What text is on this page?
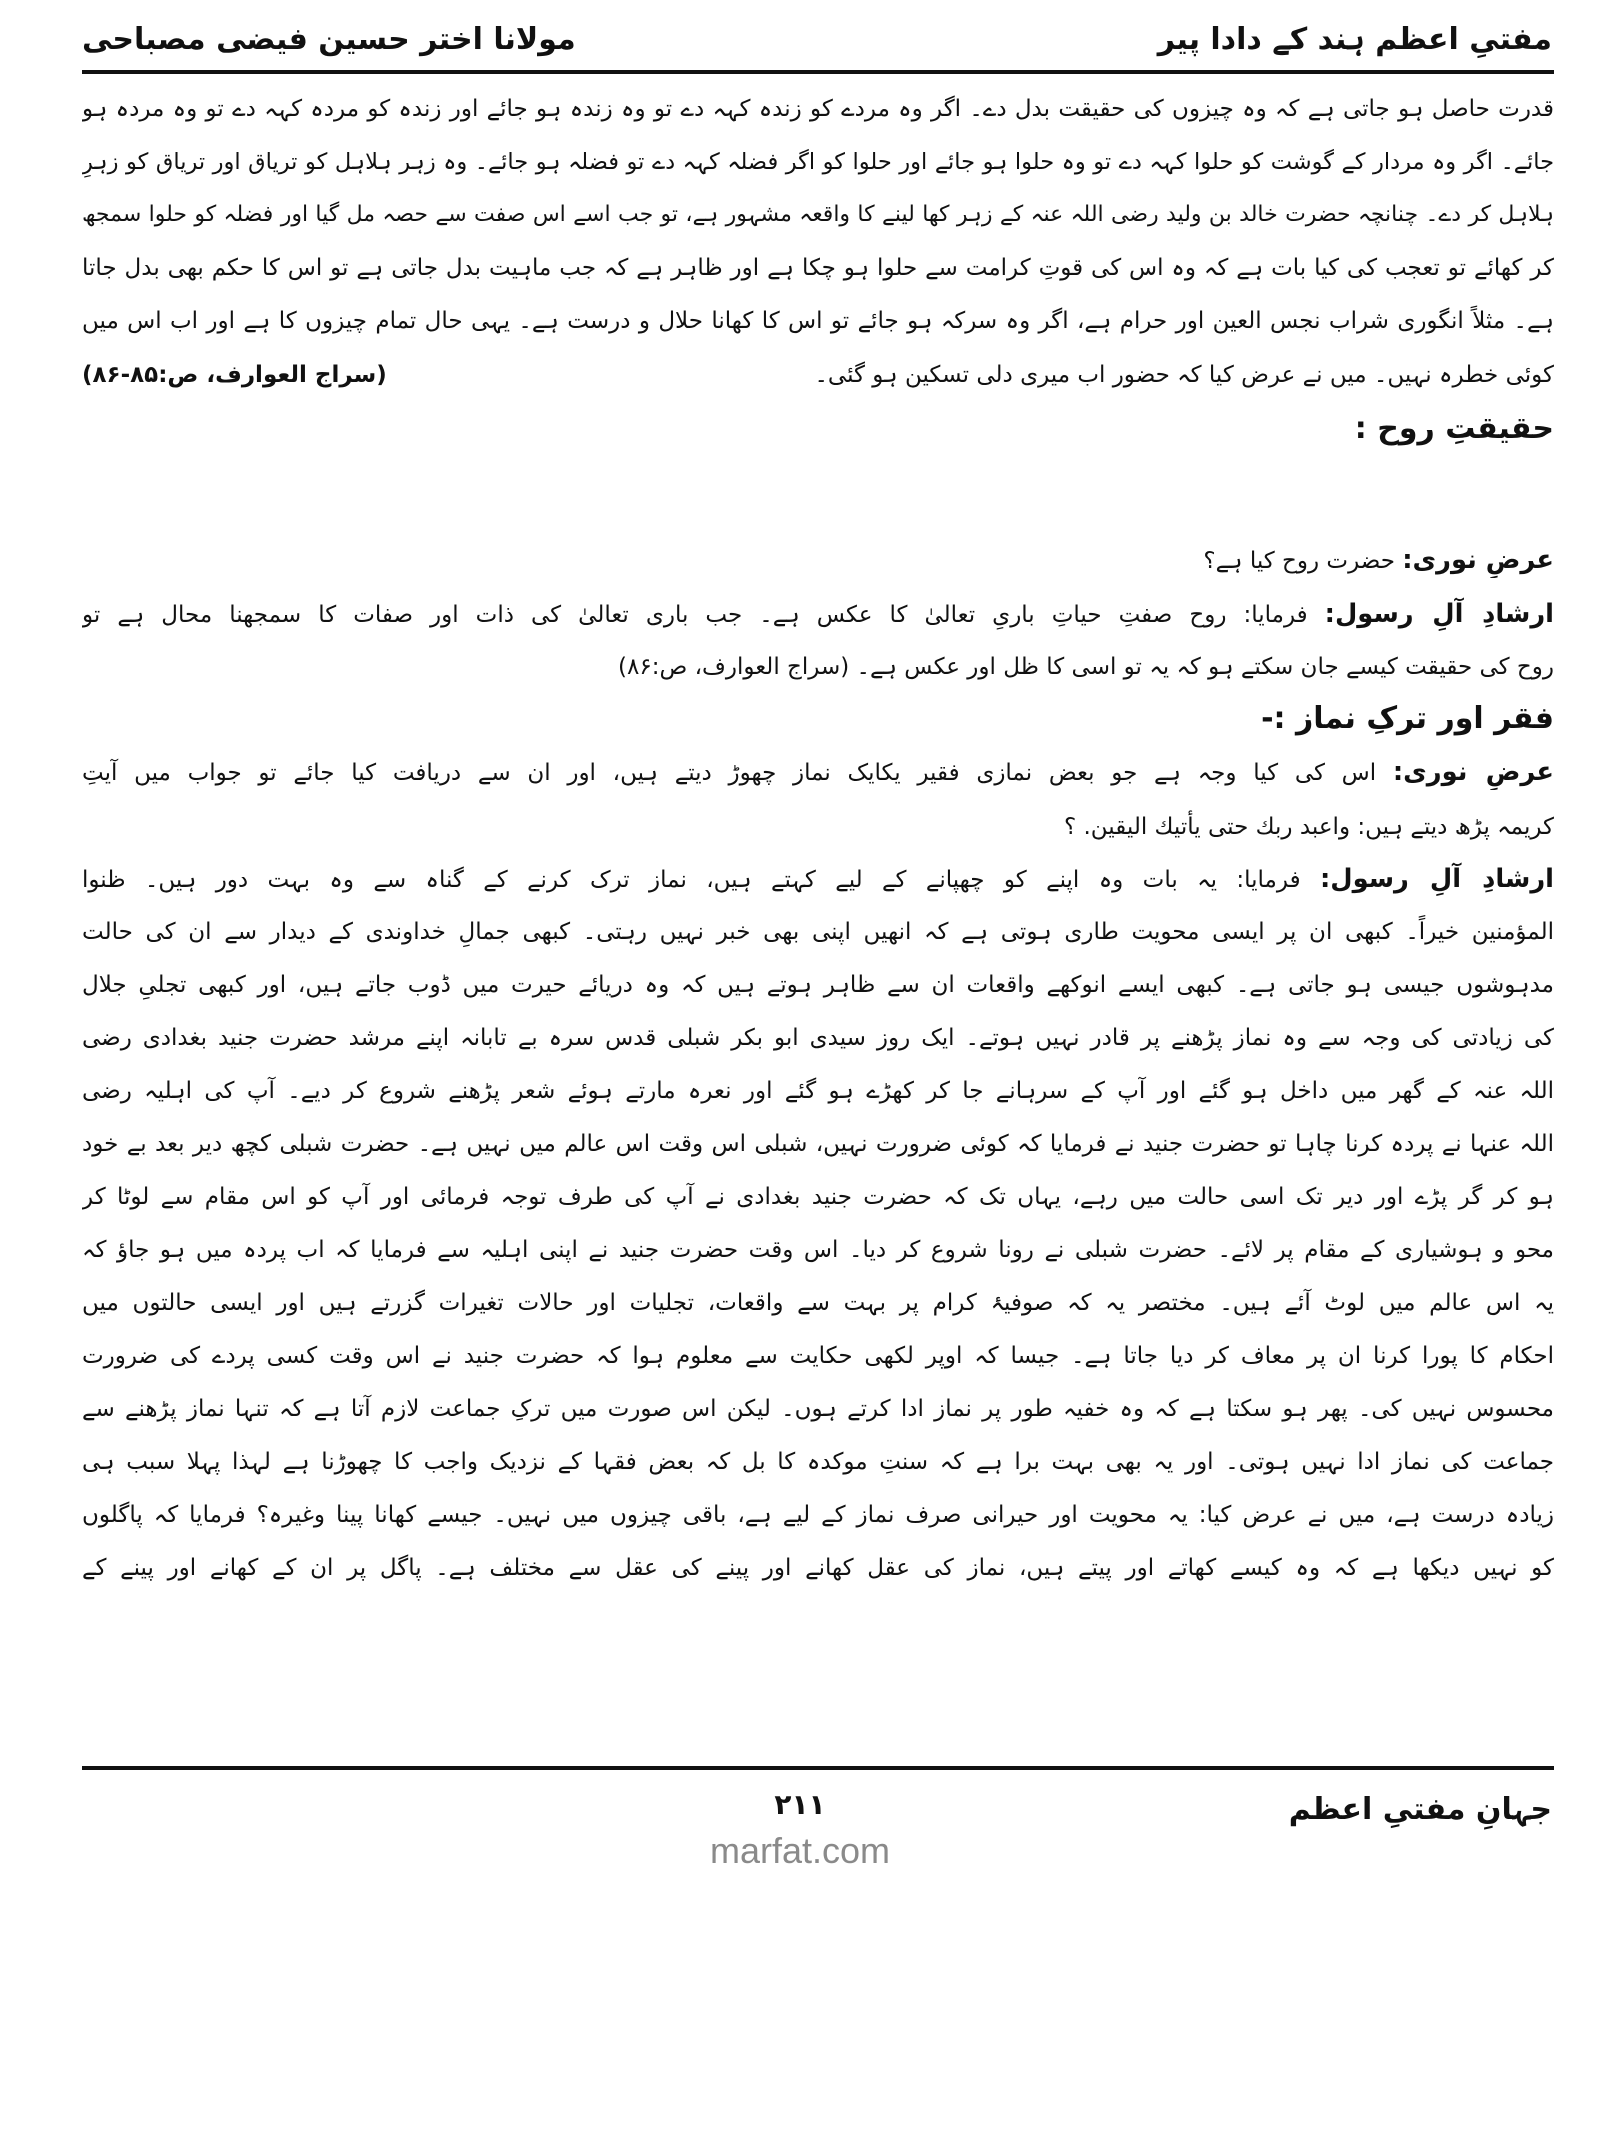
مفتیِ اعظم ہند کے دادا پیر
مولانا اختر حسین فیضی مصباحی
قدرت حاصل ہو جاتی ہے کہ وہ چیزوں کی حقیقت بدل دے۔ اگر وہ مردے کو زندہ کہہ دے تو وہ زندہ ہو جائے اور زندہ کو مردہ کہہ دے تو وہ مردہ ہو
جائے۔ اگر وہ مردار کے گوشت کو حلوا کہہ دے تو وہ حلوا ہو جائے اور حلوا کو اگر فضلہ کہہ دے تو فضلہ ہو جائے۔ وہ زہر ہلاہل کو تریاق اور تریاق کو زہرِ
ہلاہل کر دے۔ چنانچہ حضرت خالد بن ولید رضی اللہ عنہ کے زہر کھا لینے کا واقعہ مشہور ہے، تو جب اسے اس صفت سے حصہ مل گیا اور فضلہ کو حلوا سمجھ
کر کھائے تو تعجب کی کیا بات ہے کہ وہ اس کی قوتِ کرامت سے حلوا ہو چکا ہے اور ظاہر ہے کہ جب ماہیت بدل جاتی ہے تو اس کا حکم بھی بدل جاتا
ہے۔ مثلاً انگوری شراب نجس العین اور حرام ہے، اگر وہ سرکہ ہو جائے تو اس کا کھانا حلال و درست ہے۔ یہی حال تمام چیزوں کا ہے اور اب اس میں
کوئی خطرہ نہیں۔ میں نے عرض کیا کہ حضور اب میری دلی تسکین ہو گئی۔
(سراج العوارف، ص:۸۵-۸۶)
حقیقتِ روح :
عرضِ نوری: حضرت روح کیا ہے؟
ارشادِ آلِ رسول: فرمایا: روح صفتِ حیاتِ باریِ تعالیٰ کا عکس ہے۔ جب باری تعالیٰ کی ذات اور صفات کا سمجھنا محال ہے تو
روح کی حقیقت کیسے جان سکتے ہو کہ یہ تو اسی کا ظل اور عکس ہے۔ (سراج العوارف، ص:۸۶)
فقر اور ترکِ نماز :-
عرضِ نوری: اس کی کیا وجہ ہے جو بعض نمازی فقیر یکایک نماز چھوڑ دیتے ہیں، اور ان سے دریافت کیا جائے تو جواب میں آیتِ
کریمہ پڑھ دیتے ہیں: واعبد ربك حتى يأتيك اليقين. ؟
ارشادِ آلِ رسول: فرمایا: یہ بات وہ اپنے کو چھپانے کے لیے کہتے ہیں، نماز ترک کرنے کے گناہ سے وہ بہت دور ہیں۔ ظنوا
المؤمنين خيراً۔ کبھی ان پر ایسی محویت طاری ہوتی ہے کہ انھیں اپنی بھی خبر نہیں رہتی۔ کبھی جمالِ خداوندی کے دیدار سے ان کی حالت
مدہوشوں جیسی ہو جاتی ہے۔ کبھی ایسے انوکھے واقعات ان سے ظاہر ہوتے ہیں کہ وہ دریائے حیرت میں ڈوب جاتے ہیں، اور کبھی تجلیِ جلال
کی زیادتی کی وجہ سے وہ نماز پڑھنے پر قادر نہیں ہوتے۔ ایک روز سیدی ابو بکر شبلی قدس سرہ بے تابانہ اپنے مرشد حضرت جنید بغدادی رضی
اللہ عنہ کے گھر میں داخل ہو گئے اور آپ کے سرہانے جا کر کھڑے ہو گئے اور نعرہ مارتے ہوئے شعر پڑھنے شروع کر دیے۔ آپ کی اہلیہ رضی
اللہ عنہا نے پردہ کرنا چاہا تو حضرت جنید نے فرمایا کہ کوئی ضرورت نہیں، شبلی اس وقت اس عالم میں نہیں ہے۔ حضرت شبلی کچھ دیر بعد بے خود
ہو کر گر پڑے اور دیر تک اسی حالت میں رہے، یہاں تک کہ حضرت جنید بغدادی نے آپ کی طرف توجہ فرمائی اور آپ کو اس مقام سے لوٹا کر
محو و ہوشیاری کے مقام پر لائے۔ حضرت شبلی نے رونا شروع کر دیا۔ اس وقت حضرت جنید نے اپنی اہلیہ سے فرمایا کہ اب پردہ میں ہو جاؤ کہ
یہ اس عالم میں لوٹ آئے ہیں۔ مختصر یہ کہ صوفیۂ کرام پر بہت سے واقعات، تجلیات اور حالات تغیرات گزرتے ہیں اور ایسی حالتوں میں
احکام کا پورا کرنا ان پر معاف کر دیا جاتا ہے۔ جیسا کہ اوپر لکھی حکایت سے معلوم ہوا کہ حضرت جنید نے اس وقت کسی پردے کی ضرورت
محسوس نہیں کی۔ پھر ہو سکتا ہے کہ وہ خفیہ طور پر نماز ادا کرتے ہوں۔ لیکن اس صورت میں ترکِ جماعت لازم آتا ہے کہ تنہا نماز پڑھنے سے
جماعت کی نماز ادا نہیں ہوتی۔ اور یہ بھی بہت برا ہے کہ سنتِ موکدہ کا بل کہ بعض فقہا کے نزدیک واجب کا چھوڑنا ہے لہذا پہلا سبب ہی
زیادہ درست ہے، میں نے عرض کیا: یہ محویت اور حیرانی صرف نماز کے لیے ہے، باقی چیزوں میں نہیں۔ جیسے کھانا پینا وغیرہ؟ فرمایا کہ پاگلوں
کو نہیں دیکھا ہے کہ وہ کیسے کھاتے اور پیتے ہیں، نماز کی عقل کھانے اور پینے کی عقل سے مختلف ہے۔ پاگل پر ان کے کھانے اور پینے کے
جہانِ مفتیِ اعظم
۲۱۱
marfat.com
